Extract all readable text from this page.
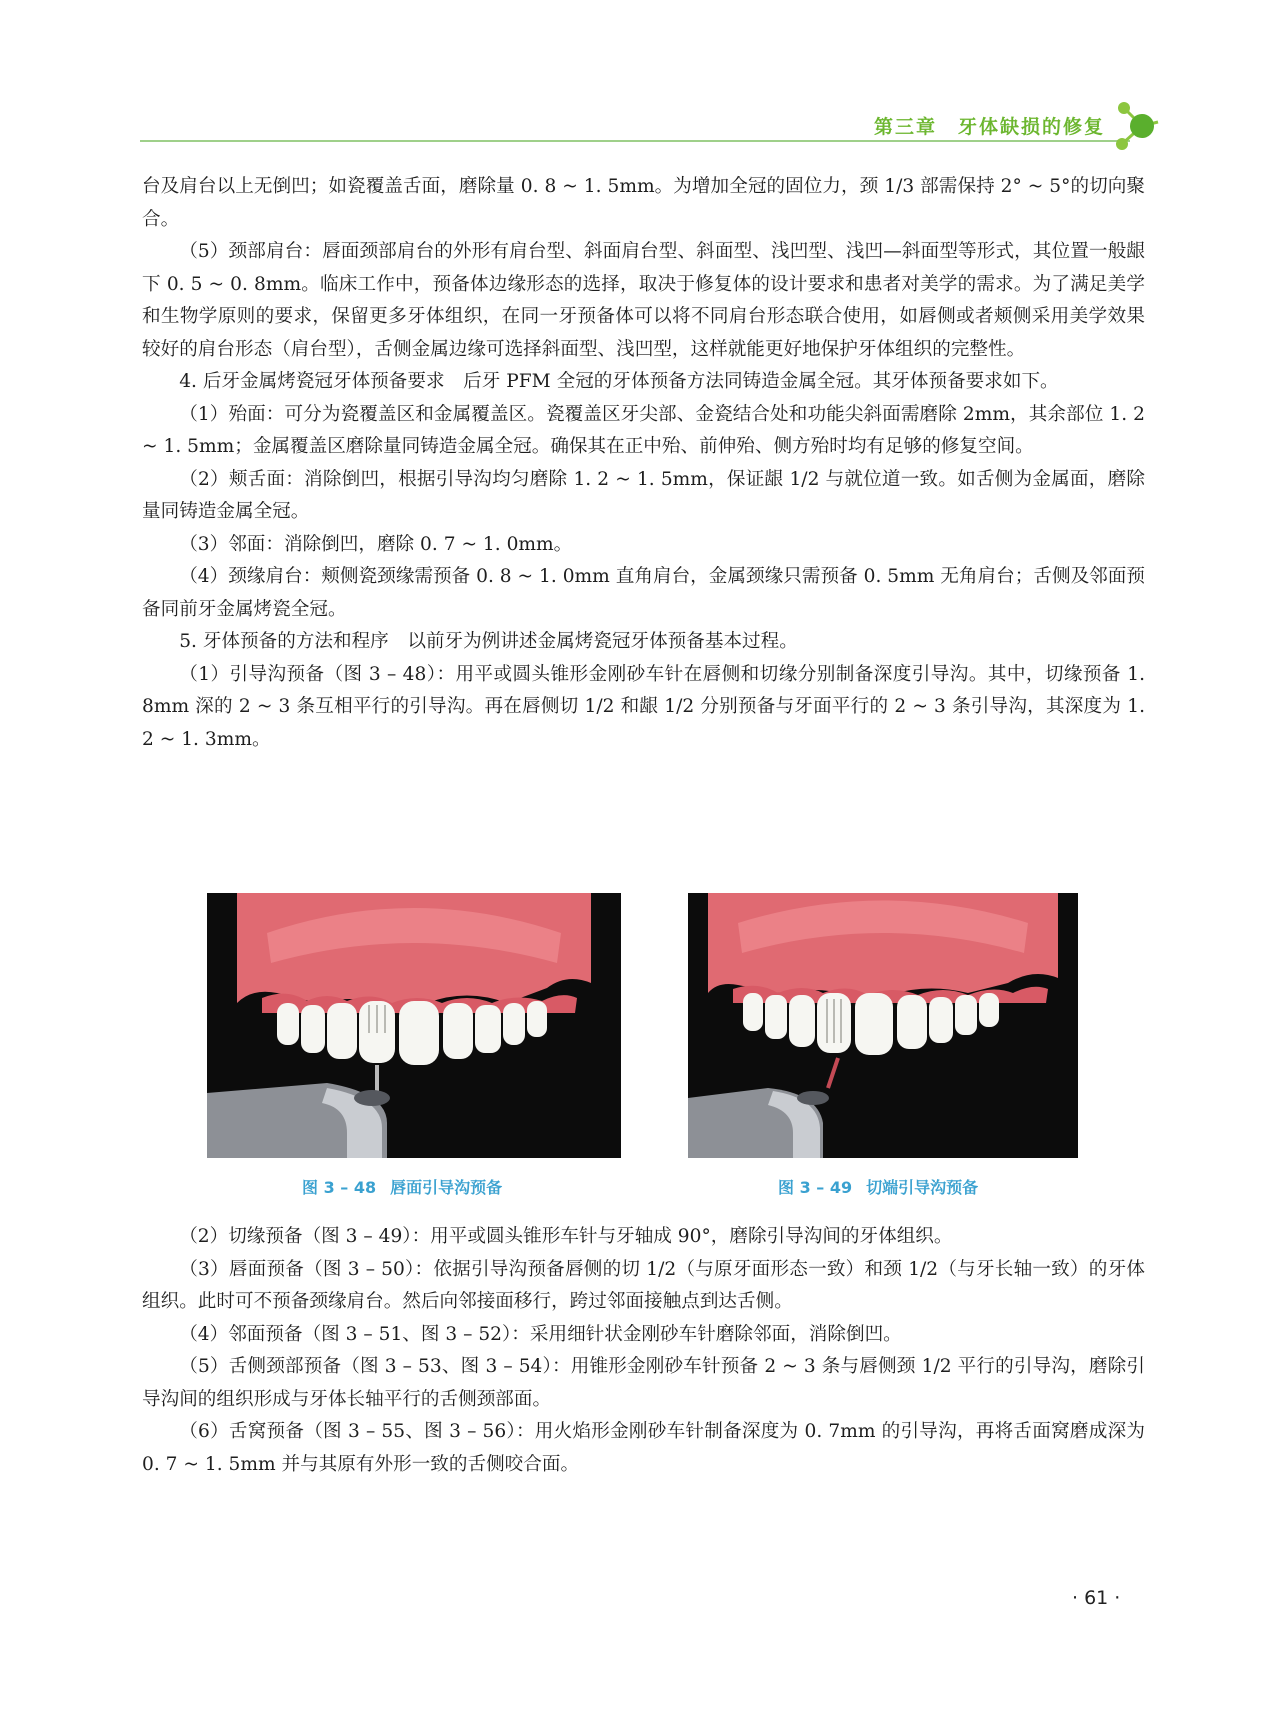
第三章　牙体缺损的修复

台及肩台以上无倒凹；如瓷覆盖舌面，磨除量 0. 8 ~ 1. 5mm。为增加全冠的固位力，颈 1/3 部需保持 2° ~ 5°的切向聚合。

（5）颈部肩台：唇面颈部肩台的外形有肩台型、斜面肩台型、斜面型、浅凹型、浅凹—斜面型等形式，其位置一般龈下 0. 5 ~ 0. 8mm。临床工作中，预备体边缘形态的选择，取决于修复体的设计要求和患者对美学的需求。为了满足美学和生物学原则的要求，保留更多牙体组织，在同一牙预备体可以将不同肩台形态联合使用，如唇侧或者颊侧采用美学效果较好的肩台形态（肩台型），舌侧金属边缘可选择斜面型、浅凹型，这样就能更好地保护牙体组织的完整性。

4. 后牙金属烤瓷冠牙体预备要求　后牙 PFM 全冠的牙体预备方法同铸造金属全冠。其牙体预备要求如下。

（1）殆面：可分为瓷覆盖区和金属覆盖区。瓷覆盖区牙尖部、金瓷结合处和功能尖斜面需磨除 2mm，其余部位 1. 2 ~ 1. 5mm；金属覆盖区磨除量同铸造金属全冠。确保其在正中殆、前伸殆、侧方殆时均有足够的修复空间。

（2）颊舌面：消除倒凹，根据引导沟均匀磨除 1. 2 ~ 1. 5mm，保证龈 1/2 与就位道一致。如舌侧为金属面，磨除量同铸造金属全冠。

（3）邻面：消除倒凹，磨除 0. 7 ~ 1. 0mm。

（4）颈缘肩台：颊侧瓷颈缘需预备 0. 8 ~ 1. 0mm 直角肩台，金属颈缘只需预备 0. 5mm 无角肩台；舌侧及邻面预备同前牙金属烤瓷全冠。

5. 牙体预备的方法和程序　以前牙为例讲述金属烤瓷冠牙体预备基本过程。

（1）引导沟预备（图 3 – 48）：用平或圆头锥形金刚砂车针在唇侧和切缘分别制备深度引导沟。其中，切缘预备 1. 8mm 深的 2 ~ 3 条互相平行的引导沟。再在唇侧切 1/2 和龈 1/2 分别预备与牙面平行的 2 ~ 3 条引导沟，其深度为 1. 2 ~ 1. 3mm。

图 3 – 48 唇面引导沟预备	图 3 – 49 切端引导沟预备

（2）切缘预备（图 3 – 49）：用平或圆头锥形车针与牙轴成 90°，磨除引导沟间的牙体组织。

（3）唇面预备（图 3 – 50）：依据引导沟预备唇侧的切 1/2（与原牙面形态一致）和颈 1/2（与牙长轴一致）的牙体组织。此时可不预备颈缘肩台。然后向邻接面移行，跨过邻面接触点到达舌侧。

（4）邻面预备（图 3 – 51、图 3 – 52）：采用细针状金刚砂车针磨除邻面，消除倒凹。

（5）舌侧颈部预备（图 3 – 53、图 3 – 54）：用锥形金刚砂车针预备 2 ~ 3 条与唇侧颈 1/2 平行的引导沟，磨除引导沟间的组织形成与牙体长轴平行的舌侧颈部面。

（6）舌窝预备（图 3 – 55、图 3 – 56）：用火焰形金刚砂车针制备深度为 0. 7mm 的引导沟，再将舌面窝磨成深为 0. 7 ~ 1. 5mm 并与其原有外形一致的舌侧咬合面。

· 61 ·
